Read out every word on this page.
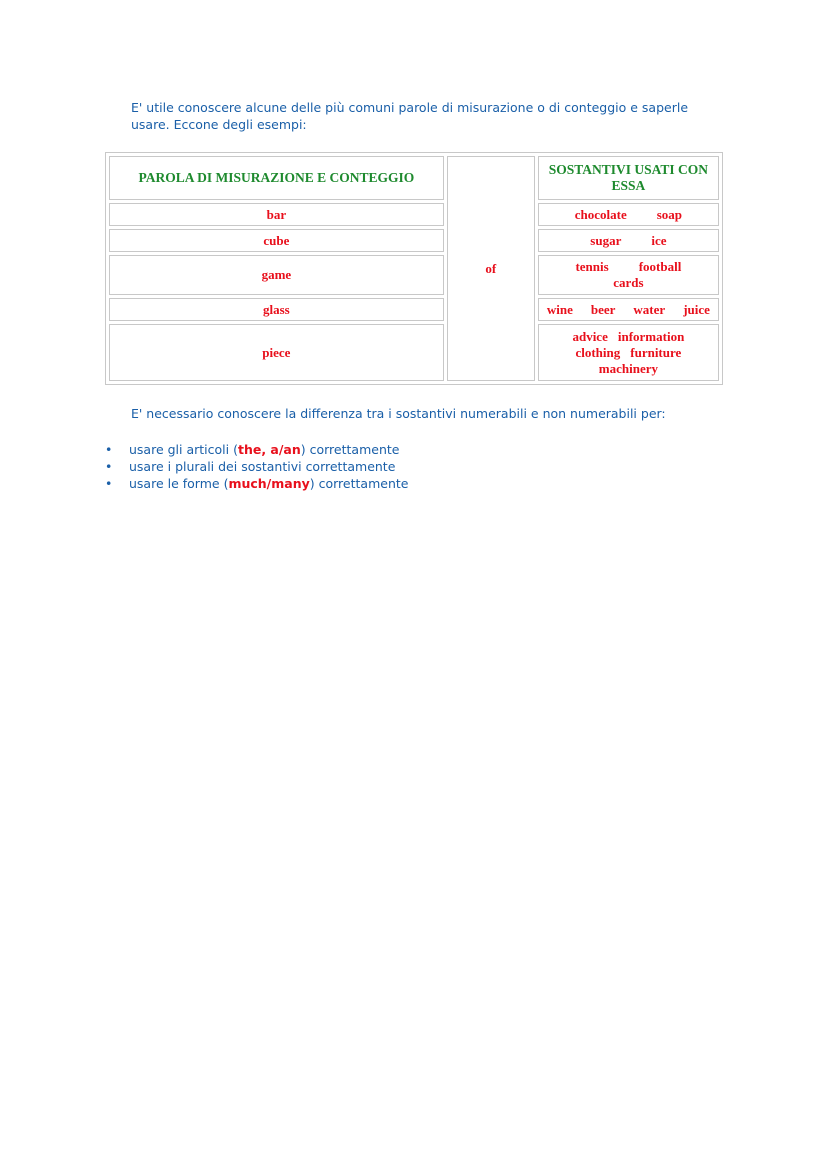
E' utile conoscere alcune delle più comuni parole di misurazione o di conteggio e saperle
usare. Eccone degli esempi:

PAROLA DI MISURAZIONE E CONTEGGIO	of	SOSTANTIVI USATI CON ESSA
bar		chocolate soap
cube		sugar ice
game		tennis football
cards
glass		wine beer water juice
piece		advice information
clothing furniture
machinery

E' necessario conoscere la differenza tra i sostantivi numerabili e non numerabili per:

• usare gli articoli (the, a/an) correttamente
• usare i plurali dei sostantivi correttamente
• usare le forme (much/many) correttamente
